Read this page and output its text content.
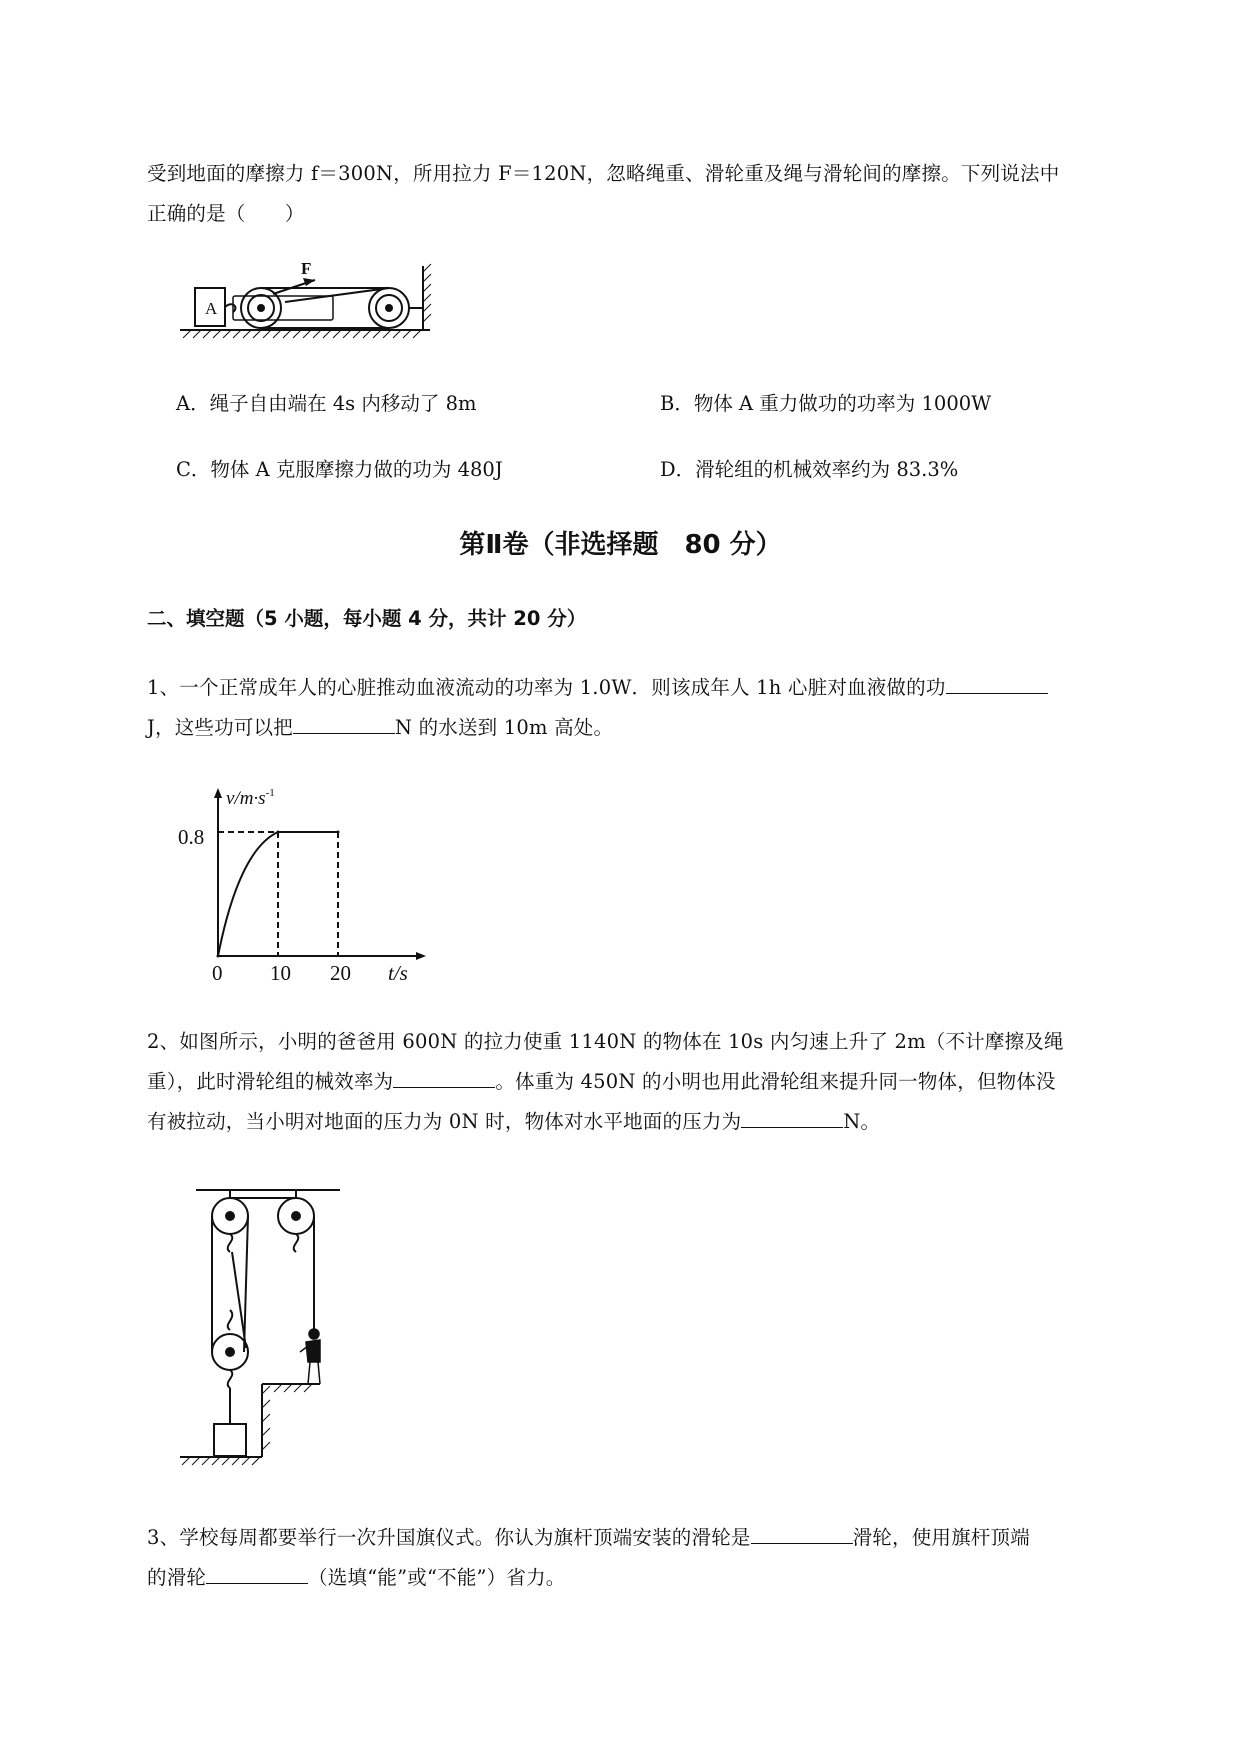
受到地面的摩擦力 f＝300N，所用拉力 F＝120N，忽略绳重、滑轮重及绳与滑轮间的摩擦。下列说法中
正确的是（　　）
A
F
A．绳子自由端在 4s 内移动了 8m	B．物体 A 重力做功的功率为 1000W
C．物体 A 克服摩擦力做的功为 480J	D．滑轮组的机械效率约为 83.3%
第Ⅱ卷（非选择题　80 分）
二、填空题（5 小题，每小题 4 分，共计 20 分）
1、一个正常成年人的心脏推动血液流动的功率为 1.0W．则该成年人 1h 心脏对血液做的功
J，这些功可以把	N 的水送到 10m 高处。
$v/m\cdot s^{-1}$
0.8
0 10 20 t/s
2、如图所示，小明的爸爸用 600N 的拉力使重 1140N 的物体在 10s 内匀速上升了 2m（不计摩擦及绳
重），此时滑轮组的械效率为	。体重为 450N 的小明也用此滑轮组来提升同一物体，但物体没
有被拉动，当小明对地面的压力为 0N 时，物体对水平地面的压力为	N。
3、学校每周都要举行一次升国旗仪式。你认为旗杆顶端安装的滑轮是	滑轮，使用旗杆顶端
的滑轮	（选填“能”或“不能”）省力。
